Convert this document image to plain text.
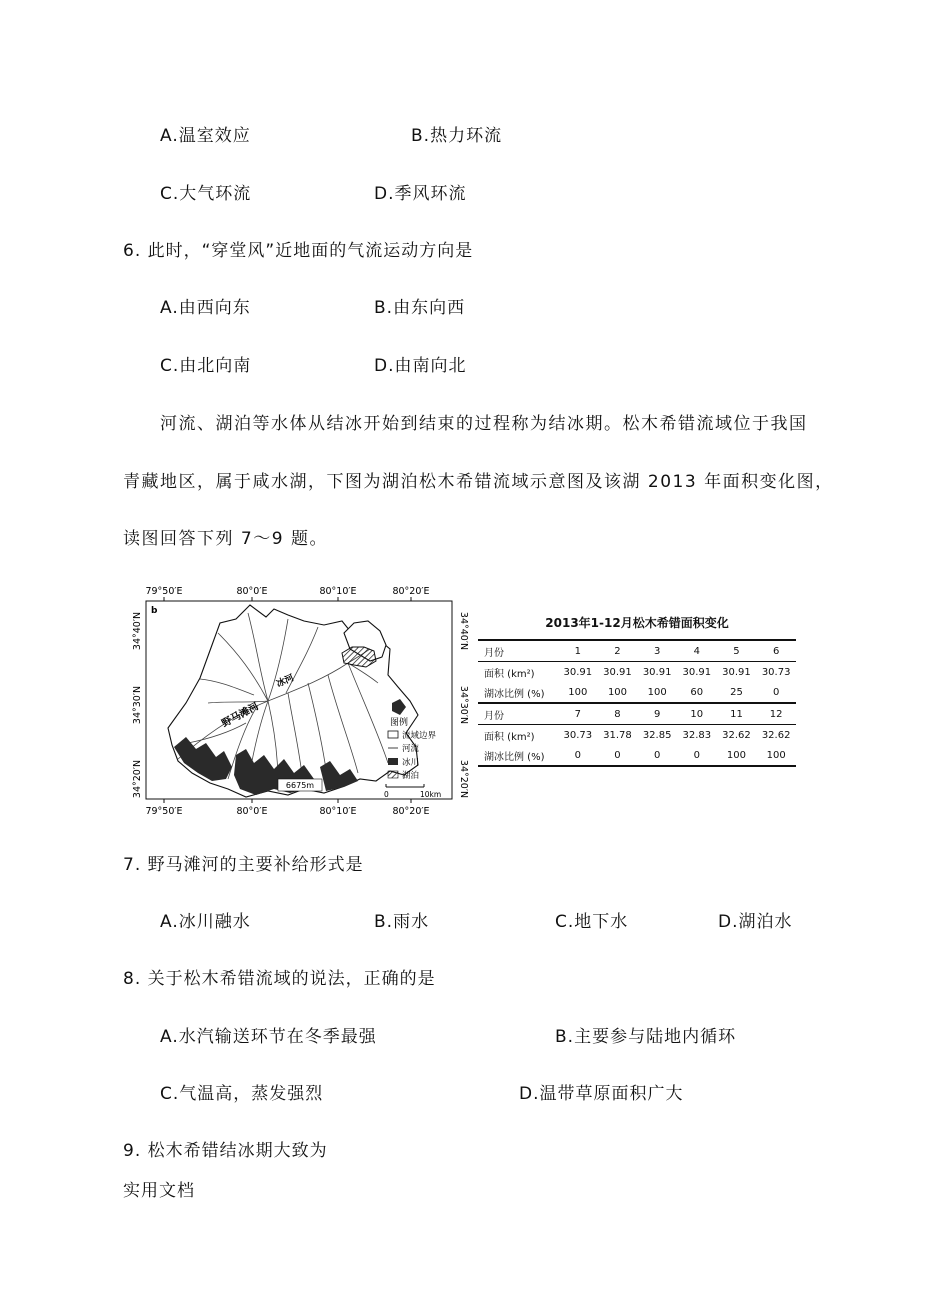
A.温室效应	B.热力环流
C.大气环流	D.季风环流
6. 此时，“穿堂风”近地面的气流运动方向是
A.由西向东	B.由东向西
C.由北向南	D.由南向北
河流、湖泊等水体从结冰开始到结束的过程称为结冰期。松木希错流域位于我国
青藏地区，属于咸水湖，下图为湖泊松木希错流域示意图及该湖 2013 年面积变化图，
读图回答下列 7～9 题。
79°50′E	80°0′E	80°10′E	80°20′E
79°50′E	80°0′E	80°10′E	80°20′E
34°40′N
34°30′N
34°20′N
34°40′N
34°30′N
34°20′N
b
野马滩河
冰河
6675m
图例
流域边界
河流
冰川
湖泊
0	10km
2013年1-12月松木希错面积变化
月份	1	2	3	4	5	6
面积 (km²)	30.91	30.91	30.91	30.91	30.91	30.73
湖冰比例 (%)	100	100	100	60	25	0
月份	7	8	9	10	11	12
面积 (km²)	30.73	31.78	32.85	32.83	32.62	32.62
湖冰比例 (%)	0	0	0	0	100	100
7. 野马滩河的主要补给形式是
A.冰川融水	B.雨水	C.地下水	D.湖泊水
8. 关于松木希错流域的说法，正确的是
A.水汽输送环节在冬季最强	B.主要参与陆地内循环
C.气温高，蒸发强烈	D.温带草原面积广大
9. 松木希错结冰期大致为
实用文档
